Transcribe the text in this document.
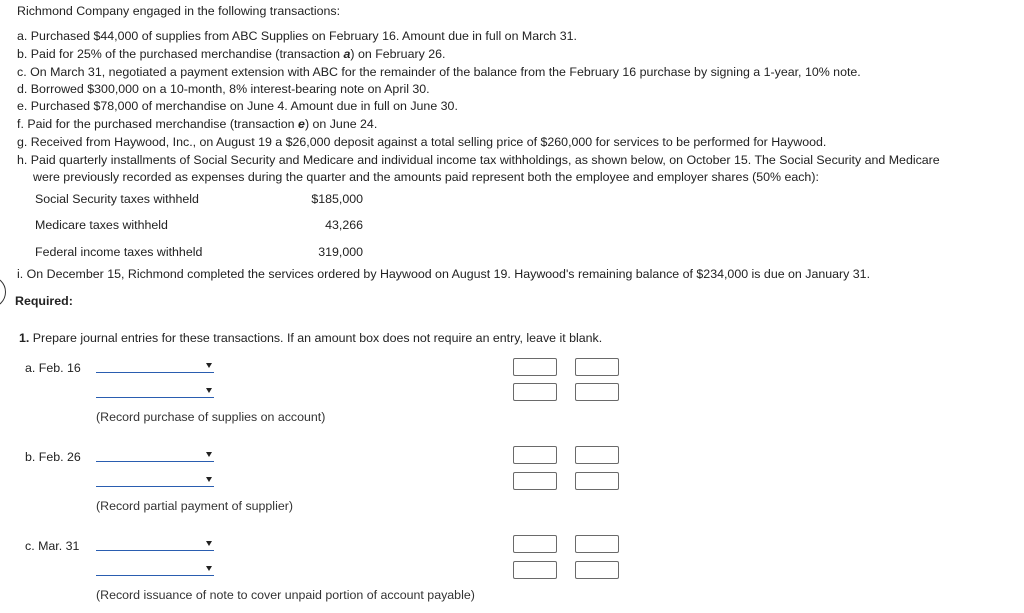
Richmond Company engaged in the following transactions:
a. Purchased $44,000 of supplies from ABC Supplies on February 16. Amount due in full on March 31.
b. Paid for 25% of the purchased merchandise (transaction a) on February 26.
c. On March 31, negotiated a payment extension with ABC for the remainder of the balance from the February 16 purchase by signing a 1-year, 10% note.
d. Borrowed $300,000 on a 10-month, 8% interest-bearing note on April 30.
e. Purchased $78,000 of merchandise on June 4. Amount due in full on June 30.
f. Paid for the purchased merchandise (transaction e) on June 24.
g. Received from Haywood, Inc., on August 19 a $26,000 deposit against a total selling price of $260,000 for services to be performed for Haywood.
h. Paid quarterly installments of Social Security and Medicare and individual income tax withholdings, as shown below, on October 15. The Social Security and Medicare
were previously recorded as expenses during the quarter and the amounts paid represent both the employee and employer shares (50% each):
Social Security taxes withheld	$185,000
Medicare taxes withheld	43,266
Federal income taxes withheld	319,000
i. On December 15, Richmond completed the services ordered by Haywood on August 19. Haywood's remaining balance of $234,000 is due on January 31.
Required:
1. Prepare journal entries for these transactions. If an amount box does not require an entry, leave it blank.
a. Feb. 16
(Record purchase of supplies on account)
b. Feb. 26
(Record partial payment of supplier)
c. Mar. 31
(Record issuance of note to cover unpaid portion of account payable)
